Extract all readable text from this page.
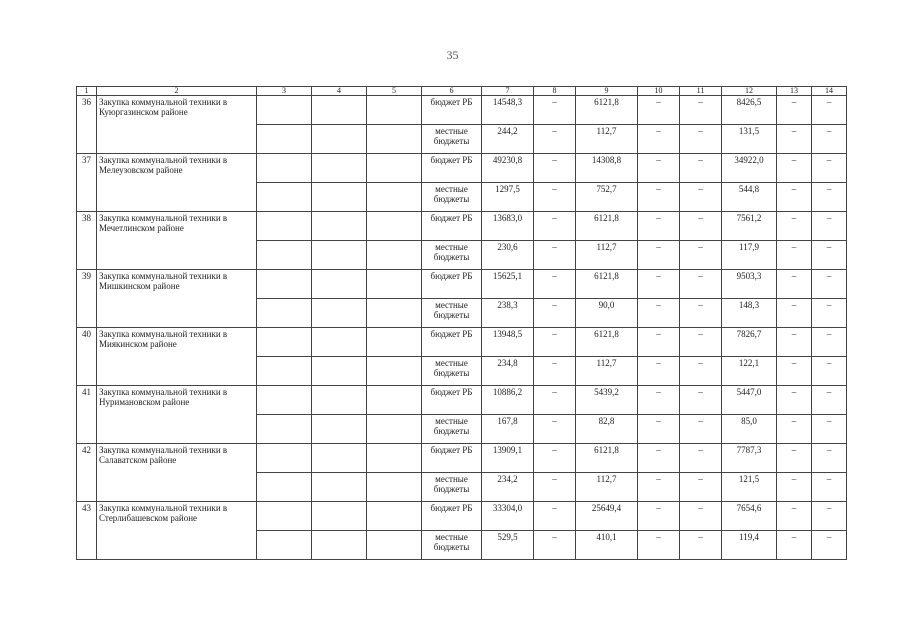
35
1	2	3	4	5	6	7	8	9	10	11	12	13	14
36	Закупка коммунальной техники в Куюргазинском районе				бюджет РБ	14548,3	–	6121,8	–	–	8426,5	–	–
					местные бюджеты	244,2	–	112,7	–	–	131,5	–	–
37	Закупка коммунальной техники в Мелеузовском районе				бюджет РБ	49230,8	–	14308,8	–	–	34922,0	–	–
					местные бюджеты	1297,5	–	752,7	–	–	544,8	–	–
38	Закупка коммунальной техники в Мечетлинском районе				бюджет РБ	13683,0	–	6121,8	–	–	7561,2	–	–
					местные бюджеты	230,6	–	112,7	–	–	117,9	–	–
39	Закупка коммунальной техники в Мишкинском районе				бюджет РБ	15625,1	–	6121,8	–	–	9503,3	–	–
					местные бюджеты	238,3	–	90,0	–	–	148,3	–	–
40	Закупка коммунальной техники в Миякинском районе				бюджет РБ	13948,5	–	6121,8	–	–	7826,7	–	–
					местные бюджеты	234,8	–	112,7	–	–	122,1	–	–
41	Закупка коммунальной техники в Нуримановском районе				бюджет РБ	10886,2	–	5439,2	–	–	5447,0	–	–
					местные бюджеты	167,8	–	82,8	–	–	85,0	–	–
42	Закупка коммунальной техники в Салаватском районе				бюджет РБ	13909,1	–	6121,8	–	–	7787,3	–	–
					местные бюджеты	234,2	–	112,7	–	–	121,5	–	–
43	Закупка коммунальной техники в Стерлибашевском районе				бюджет РБ	33304,0	–	25649,4	–	–	7654,6	–	–
					местные бюджеты	529,5	–	410,1	–	–	119,4	–	–
